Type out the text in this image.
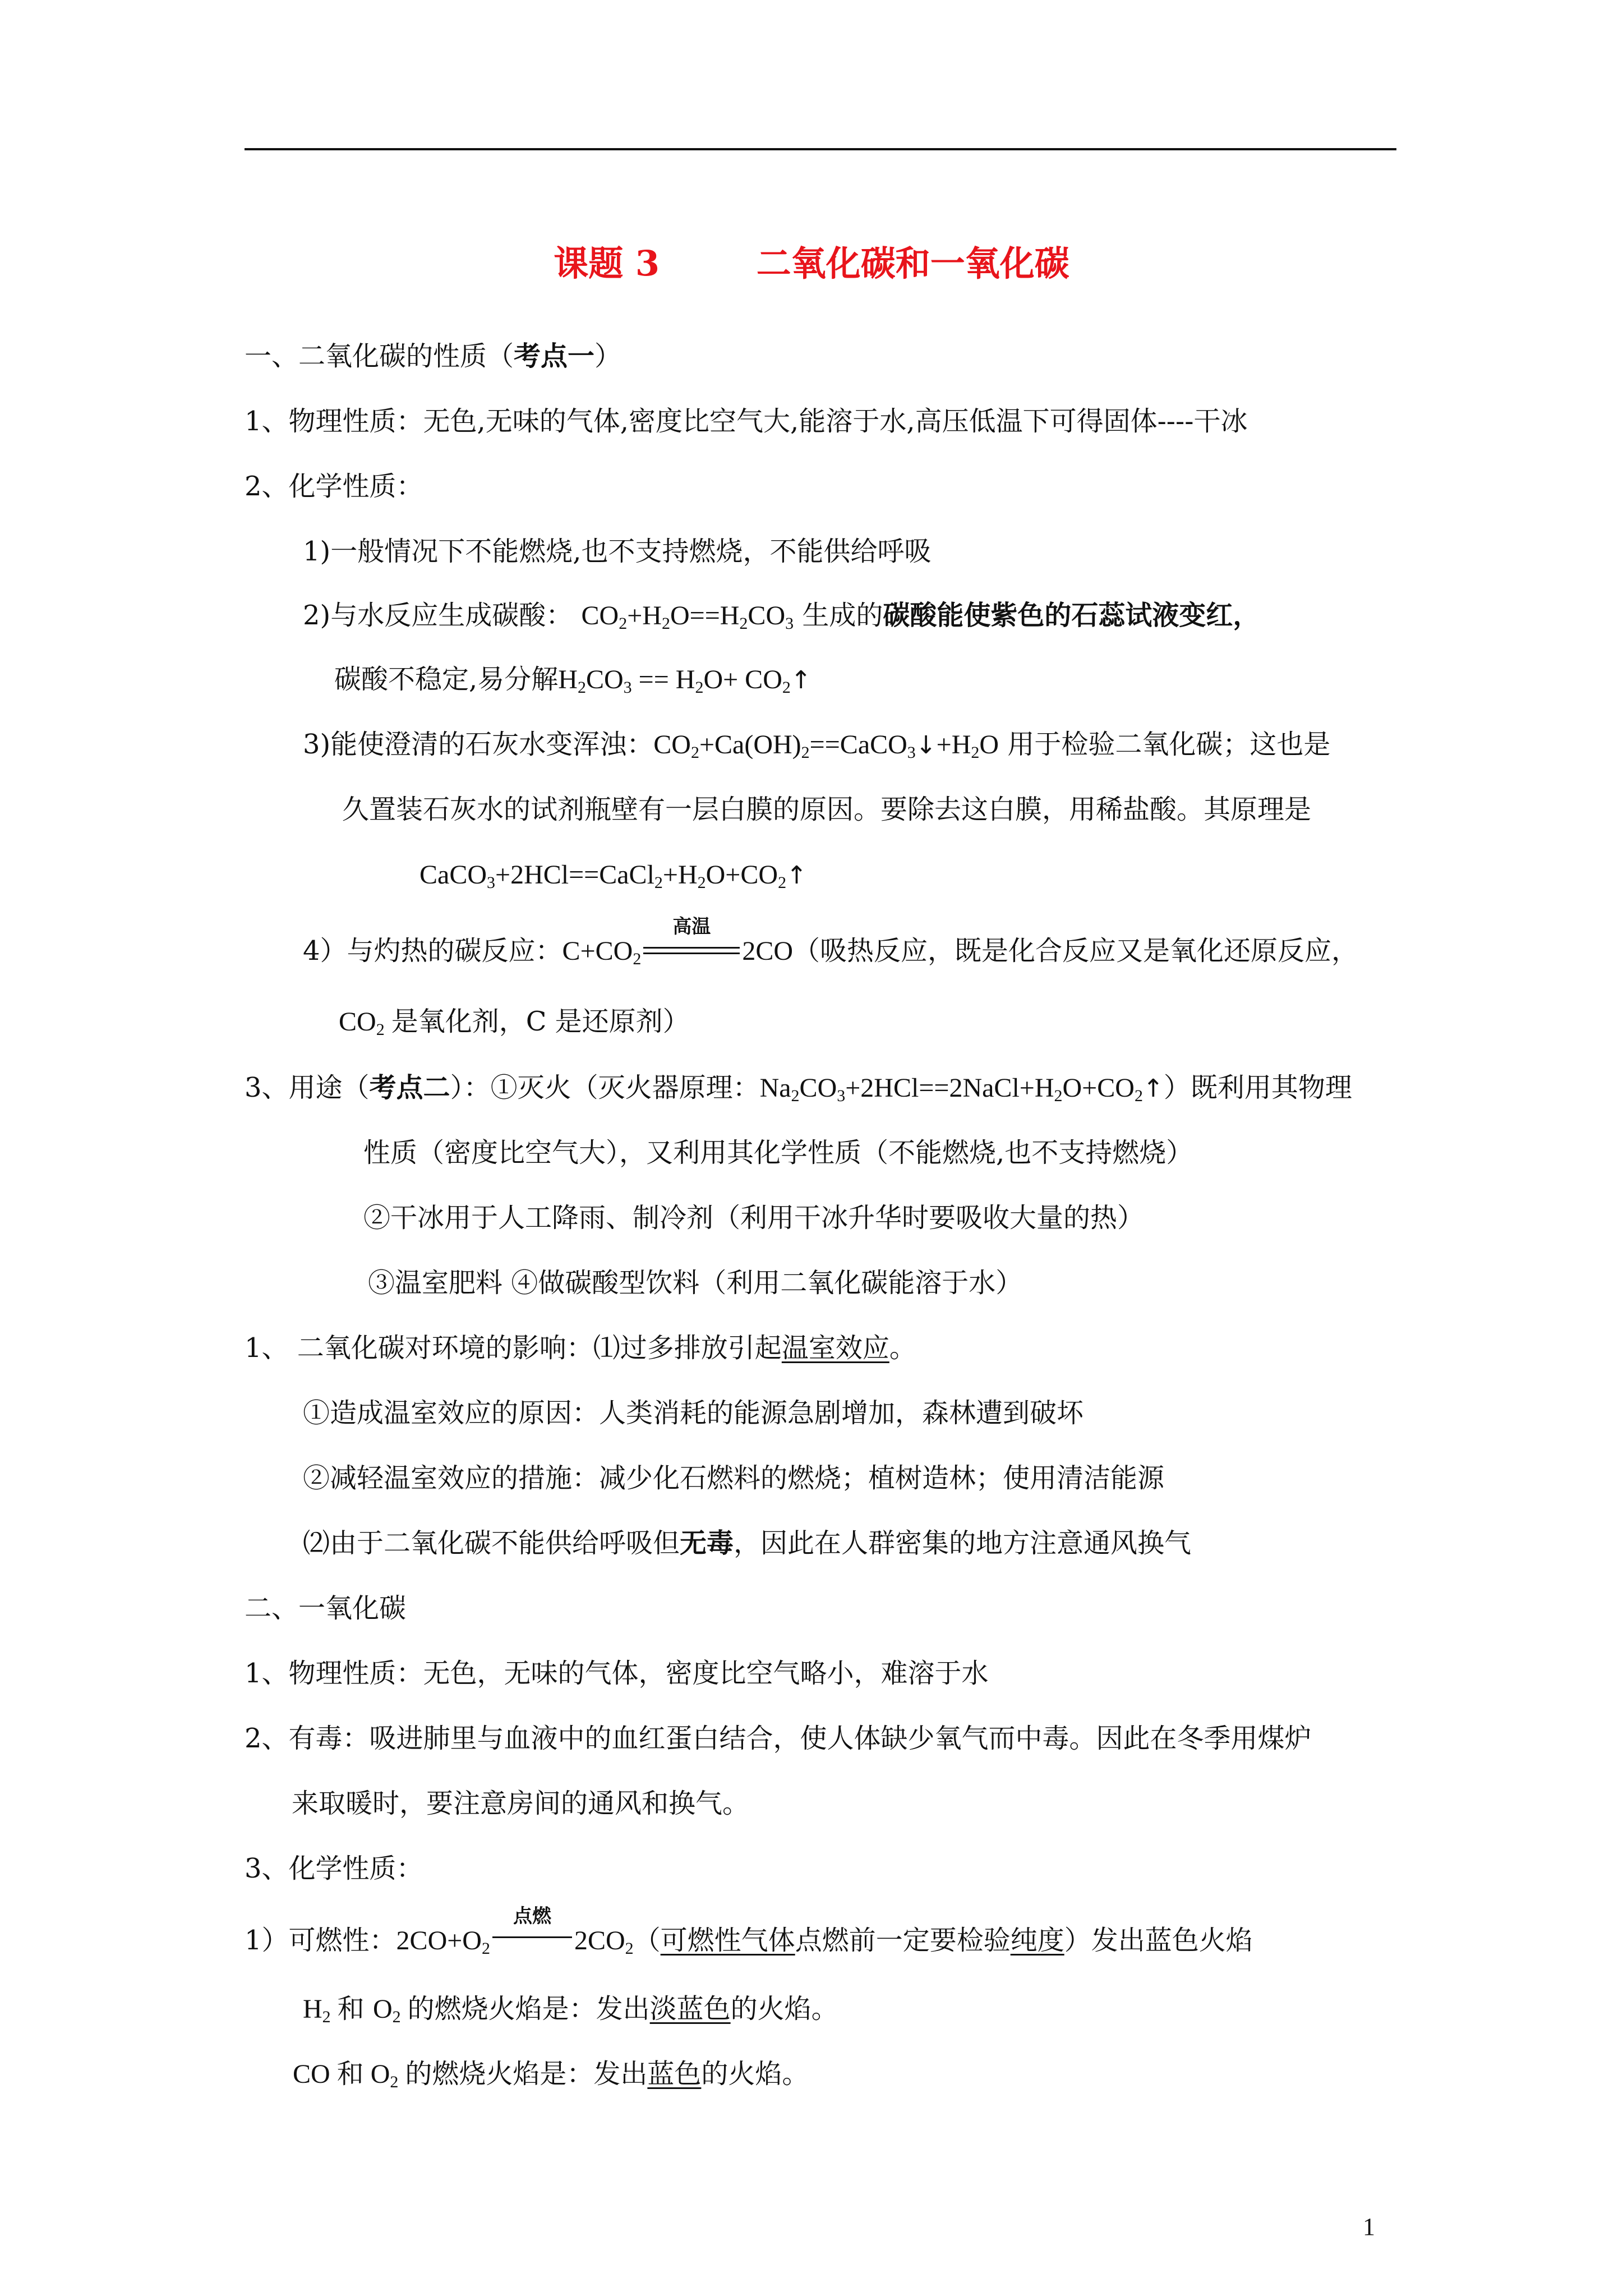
课题 3        二氧化碳和一氧化碳
一、二氧化碳的性质（考点一）
1、物理性质：无色,无味的气体,密度比空气大,能溶于水,高压低温下可得固体----干冰
2、化学性质：
1)一般情况下不能燃烧,也不支持燃烧，不能供给呼吸
2)与水反应生成碳酸： $CO_2+H_2O==H_2CO_3$ 生成的碳酸能使紫色的石蕊试液变红，
碳酸不稳定,易分解$H_2CO_3 == H_2O+$ $CO_2↑$
3)能使澄清的石灰水变浑浊：$CO_2+Ca(OH)_2==CaCO_3↓+H_2O$ 用于检验二氧化碳；这也是
久置装石灰水的试剂瓶壁有一层白膜的原因。要除去这白膜，用稀盐酸。其原理是
$CaCO_3+2HCl==CaCl_2+H_2O+CO_2↑$
4）与灼热的碳反应：$C+CO_2$
高温
2CO（吸热反应，既是化合反应又是氧化还原反应，
$CO_2$ 是氧化剂，C 是还原剂）
3、用途（考点二）：①灭火（灭火器原理：$Na_2CO_3+2HCl==2NaCl+H_2O+CO_2↑$）既利用其物理
性质（密度比空气大），又利用其化学性质（不能燃烧,也不支持燃烧）
②干冰用于人工降雨、制冷剂（利用干冰升华时要吸收大量的热）
③温室肥料 ④做碳酸型饮料（利用二氧化碳能溶于水）
1、 二氧化碳对环境的影响：⑴过多排放引起温室效应。
①造成温室效应的原因：人类消耗的能源急剧增加，森林遭到破坏
②减轻温室效应的措施：减少化石燃料的燃烧；植树造林；使用清洁能源
⑵由于二氧化碳不能供给呼吸但无毒，因此在人群密集的地方注意通风换气
二、一氧化碳
1、物理性质：无色，无味的气体，密度比空气略小，难溶于水
2、有毒：吸进肺里与血液中的血红蛋白结合，使人体缺少氧气而中毒。因此在冬季用煤炉
来取暖时，要注意房间的通风和换气。
3、化学性质：
1）可燃性：$2CO+O_2$
点燃
$2CO_2$（可燃性气体点燃前一定要检验纯度）发出蓝色火焰
$H_2$ 和 $O_2$ 的燃烧火焰是：发出淡蓝色的火焰。
CO 和 $O_2$ 的燃烧火焰是：发出蓝色的火焰。
1
